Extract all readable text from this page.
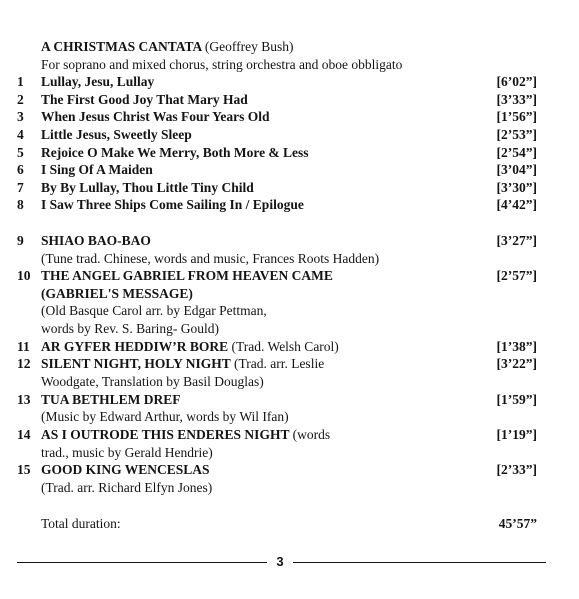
A CHRISTMAS CANTATA (Geoffrey Bush)
For soprano and mixed chorus, string orchestra and oboe obbligato
1 Lullay, Jesu, Lullay	[6’02”]
2 The First Good Joy That Mary Had	[3’33”]
3 When Jesus Christ Was Four Years Old	[1’56”]
4 Little Jesus, Sweetly Sleep	[2’53”]
5 Rejoice O Make We Merry, Both More & Less	[2’54”]
6 I Sing Of A Maiden	[3’04”]
7 By By Lullay, Thou Little Tiny Child	[3’30”]
8 I Saw Three Ships Come Sailing In / Epilogue	[4’42”]
9 SHIAO BAO-BAO	[3’27”]
(Tune trad. Chinese, words and music, Frances Roots Hadden)
10 THE ANGEL GABRIEL FROM HEAVEN CAME	[2’57”]
(GABRIEL'S MESSAGE)
(Old Basque Carol arr. by Edgar Pettman,
words by Rev. S. Baring- Gould)
11 AR GYFER HEDDIW’R BORE (Trad. Welsh Carol)	[1’38”]
12 SILENT NIGHT, HOLY NIGHT (Trad. arr. Leslie	[3’22”]
Woodgate, Translation by Basil Douglas)
13 TUA BETHLEM DREF	[1’59”]
(Music by Edward Arthur, words by Wil Ifan)
14 AS I OUTRODE THIS ENDERES NIGHT (words	[1’19”]
trad., music by Gerald Hendrie)
15 GOOD KING WENCESLAS	[2’33”]
(Trad. arr. Richard Elfyn Jones)
Total duration:	45’57”
3
